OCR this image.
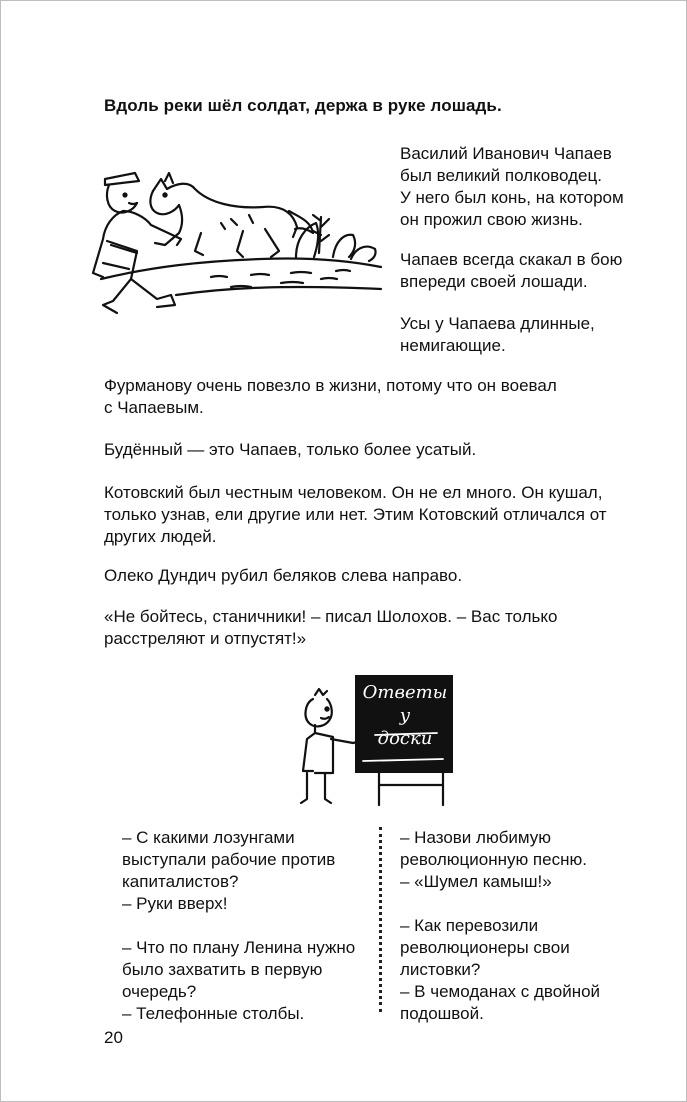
Вдоль реки шёл солдат, держа в руке лошадь.
Василий Иванович Чапаев
был великий полководец.
У него был конь, на котором
он прожил свою жизнь.
Чапаев всегда скакал в бою
впереди своей лошади.
Усы у Чапаева длинные,
немигающие.
Фурманову очень повезло в жизни, потому что он воевал
с Чапаевым.
Будённый — это Чапаев, только более усатый.
Котовский был честным человеком. Он не ел много. Он кушал,
только узнав, ели другие или нет. Этим Котовский отличался от
других людей.
Олеко Дундич рубил беляков слева направо.
«Не бойтесь, станичники! – писал Шолохов. – Вас только
расстреляют и отпустят!»
Ответы
у
доски
– С какими лозунгами
выступали рабочие против
капиталистов?
– Руки вверх!
– Что по плану Ленина нужно
было захватить в первую
очередь?
– Телефонные столбы.
– Назови любимую
революционную песню.
– «Шумел камыш!»
– Как перевозили
революционеры свои
листовки?
– В чемоданах с двойной
подошвой.
20
